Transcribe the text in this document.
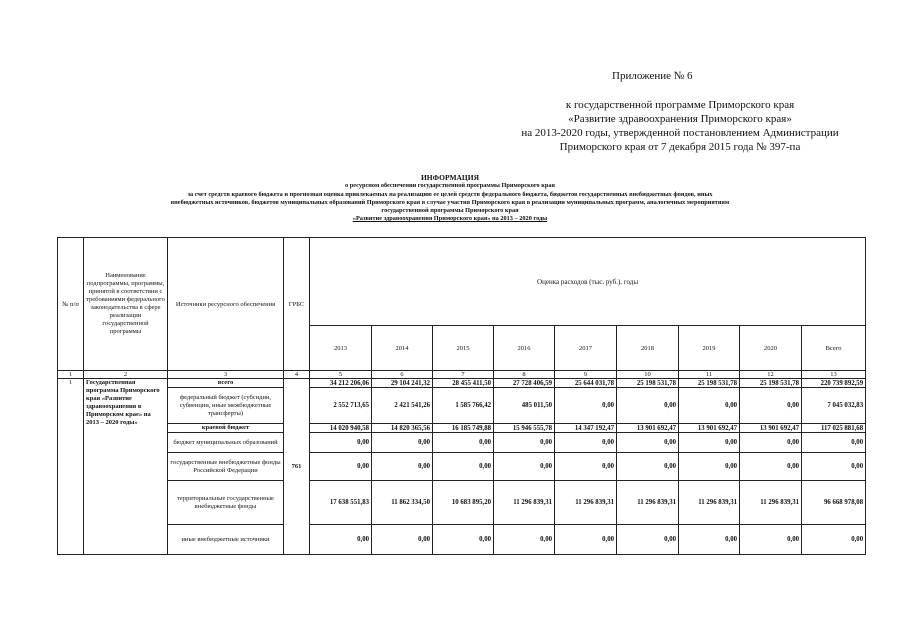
Приложение № 6
к государственной программе Приморского края
«Развитие здравоохранения Приморского края»
на 2013-2020 годы, утвержденной постановлением Администрации
Приморского края от 7 декабря 2015 года № 397-па
ИНФОРМАЦИЯ
о ресурсном обеспечении государственной программы Приморского края
за счет средств краевого бюджета и прогнозная оценка привлекаемых на реализацию ее целей средств федерального бюджета, бюджетов государственных внебюджетных фондов, иных
внебюджетных источников, бюджетов муниципальных образований Приморского края в случае участия Приморского края в реализации муниципальных программ, аналогичных мероприятиям
государственной программы Приморского края
«Развитие здравоохранения Приморского края» на 2013 – 2020 годы
№ п/п	Наименование подпрограммы, программы, принятой в соответствии с требованиями федерального законодательства в сфере реализации государственной программы	Источники ресурсного обеспечения	ГРБС	Оценка расходов (тыс. руб.), годы								
				2013	2014	2015	2016	2017	2018	2019	2020	Всего
1	2	3	4	5	6	7	8	9	10	11	12	13
1	Государственная программа Приморского края «Развитие здравоохранения в Приморском крае» на 2013 – 2020 годы»	всего	761	34 212 206,06	29 104 241,32	28 455 411,50	27 728 406,59	25 644 031,78	25 198 531,78	25 198 531,78	25 198 531,78	220 739 892,59
		федеральный бюджет (субсидии, субвенции, иные межбюджетные трансферты)		2 552 713,65	2 421 541,26	1 585 766,42	485 011,50	0,00	0,00	0,00	0,00	7 045 032,83
		краевой бюджет		14 020 940,58	14 820 365,56	16 185 749,88	15 946 555,78	14 347 192,47	13 901 692,47	13 901 692,47	13 901 692,47	117 025 881,68
		бюджет муниципальных образований		0,00	0,00	0,00	0,00	0,00	0,00	0,00	0,00	0,00
		государственные внебюджетные фонды Российской Федерации		0,00	0,00	0,00	0,00	0,00	0,00	0,00	0,00	0,00
		территориальные государственные внебюджетные фонды		17 638 551,83	11 862 334,50	10 683 895,20	11 296 839,31	11 296 839,31	11 296 839,31	11 296 839,31	11 296 839,31	96 668 978,08
		иные внебюджетные источники		0,00	0,00	0,00	0,00	0,00	0,00	0,00	0,00	0,00
